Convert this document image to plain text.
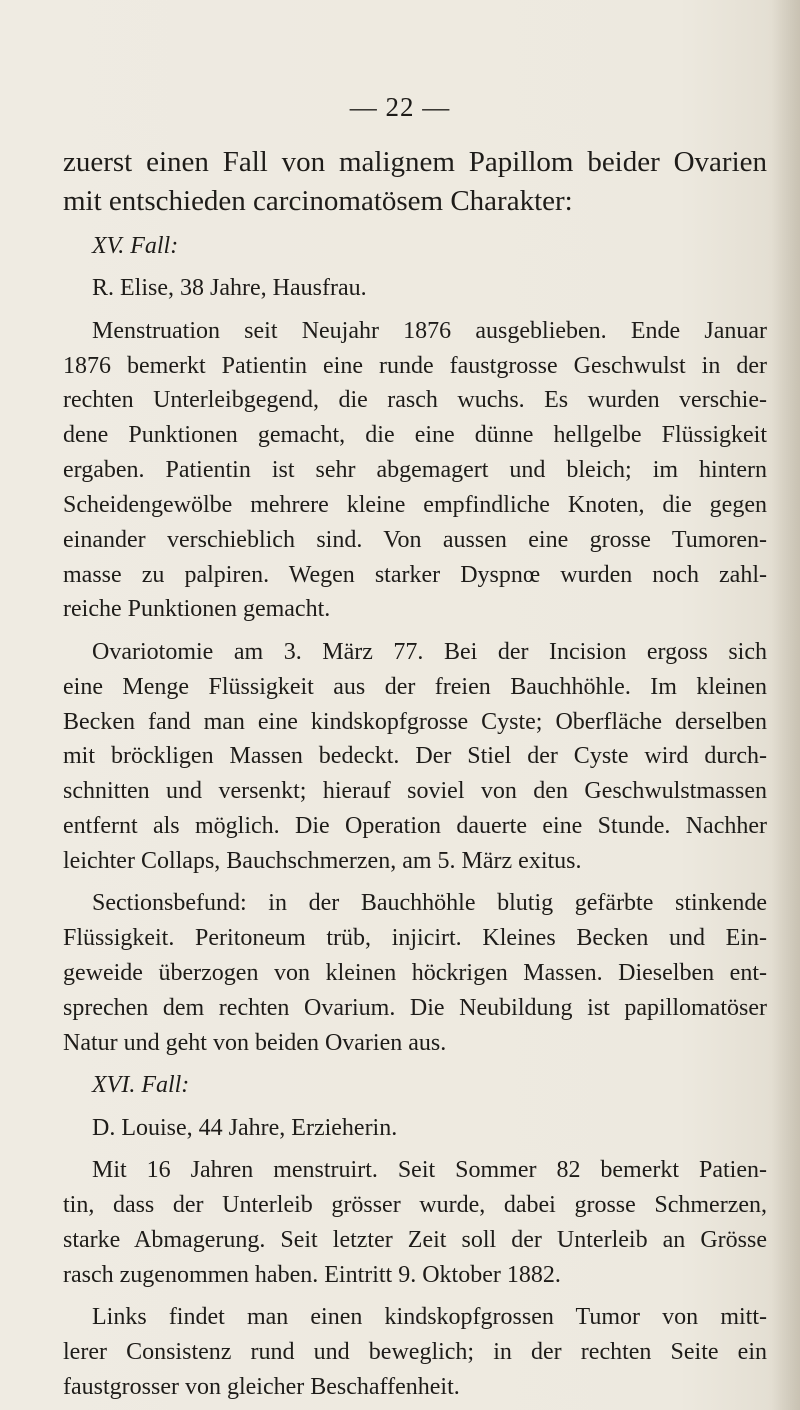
— 22 —
zuerst einen Fall von malignem Papillom beider Ovarien
mit entschieden carcinomatösem Charakter:
XV. Fall:
R. Elise, 38 Jahre, Hausfrau.
Menstruation seit Neujahr 1876 ausgeblieben. Ende Januar
1876 bemerkt Patientin eine runde faustgrosse Geschwulst in der
rechten Unterleibgegend, die rasch wuchs. Es wurden verschie-
dene Punktionen gemacht, die eine dünne hellgelbe Flüssigkeit
ergaben. Patientin ist sehr abgemagert und bleich; im hintern
Scheidengewölbe mehrere kleine empfindliche Knoten, die gegen
einander verschieblich sind. Von aussen eine grosse Tumoren-
masse zu palpiren. Wegen starker Dyspnœ wurden noch zahl-
reiche Punktionen gemacht.
Ovariotomie am 3. März 77. Bei der Incision ergoss sich
eine Menge Flüssigkeit aus der freien Bauchhöhle. Im kleinen
Becken fand man eine kindskopfgrosse Cyste; Oberfläche derselben
mit bröckligen Massen bedeckt. Der Stiel der Cyste wird durch-
schnitten und versenkt; hierauf soviel von den Geschwulstmassen
entfernt als möglich. Die Operation dauerte eine Stunde. Nachher
leichter Collaps, Bauchschmerzen, am 5. März exitus.
Sectionsbefund: in der Bauchhöhle blutig gefärbte stinkende
Flüssigkeit. Peritoneum trüb, injicirt. Kleines Becken und Ein-
geweide überzogen von kleinen höckrigen Massen. Dieselben ent-
sprechen dem rechten Ovarium. Die Neubildung ist papillomatöser
Natur und geht von beiden Ovarien aus.
XVI. Fall:
D. Louise, 44 Jahre, Erzieherin.
Mit 16 Jahren menstruirt. Seit Sommer 82 bemerkt Patien-
tin, dass der Unterleib grösser wurde, dabei grosse Schmerzen,
starke Abmagerung. Seit letzter Zeit soll der Unterleib an Grösse
rasch zugenommen haben. Eintritt 9. Oktober 1882.
Links findet man einen kindskopfgrossen Tumor von mitt-
lerer Consistenz rund und beweglich; in der rechten Seite ein
faustgrosser von gleicher Beschaffenheit.
